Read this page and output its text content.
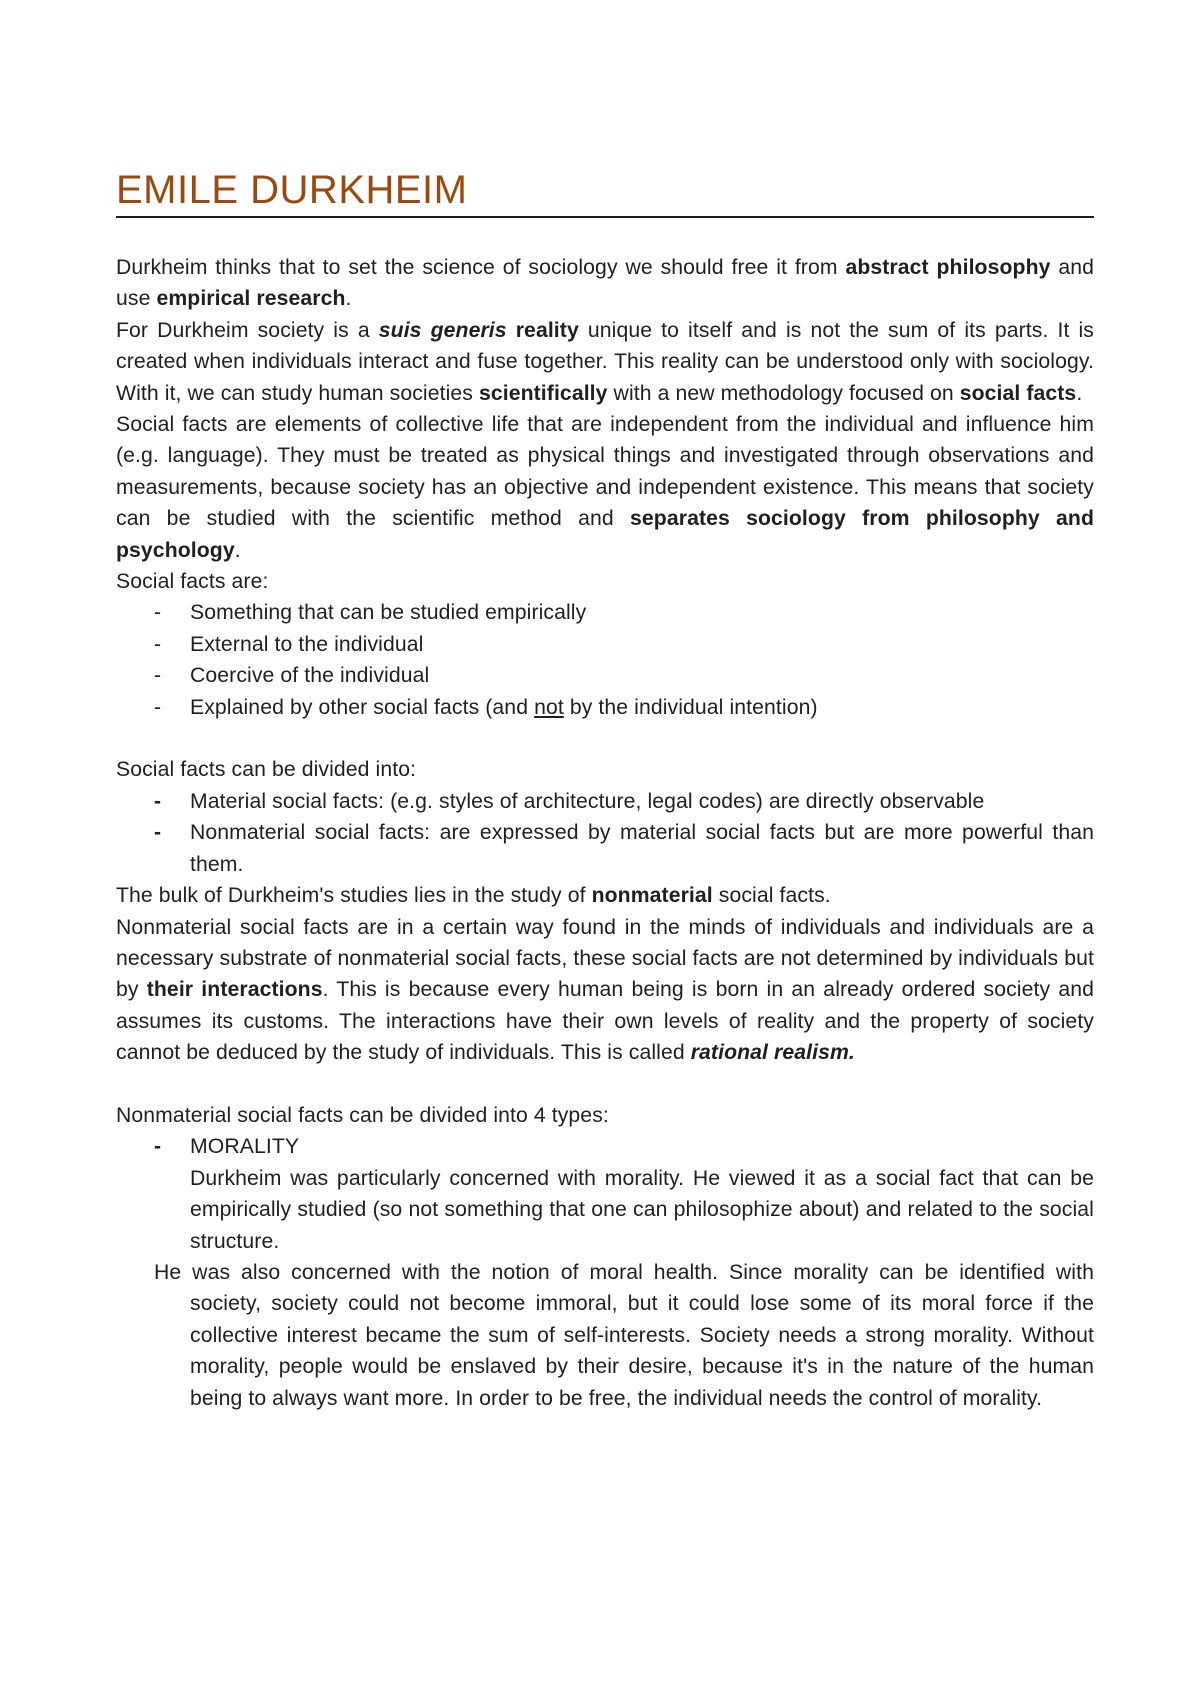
EMILE DURKHEIM

Durkheim thinks that to set the science of sociology we should free it from abstract philosophy and use empirical research.

For Durkheim society is a suis generis reality unique to itself and is not the sum of its parts. It is created when individuals interact and fuse together. This reality can be understood only with sociology. With it, we can study human societies scientifically with a new methodology focused on social facts.

Social facts are elements of collective life that are independent from the individual and influence him (e.g. language). They must be treated as physical things and investigated through observations and measurements, because society has an objective and independent existence. This means that society can be studied with the scientific method and separates sociology from philosophy and psychology.

Social facts are:

- Something that can be studied empirically
- External to the individual
- Coercive of the individual
- Explained by other social facts (and not by the individual intention)

Social facts can be divided into:

- Material social facts: (e.g. styles of architecture, legal codes) are directly observable
- Nonmaterial social facts: are expressed by material social facts but are more powerful than them.

The bulk of Durkheim's studies lies in the study of nonmaterial social facts.

Nonmaterial social facts are in a certain way found in the minds of individuals and individuals are a necessary substrate of nonmaterial social facts, these social facts are not determined by individuals but by their interactions. This is because every human being is born in an already ordered society and assumes its customs. The interactions have their own levels of reality and the property of society cannot be deduced by the study of individuals. This is called rational realism.

Nonmaterial social facts can be divided into 4 types:

- MORALITY

Durkheim was particularly concerned with morality. He viewed it as a social fact that can be empirically studied (so not something that one can philosophize about) and related to the social structure.

He was also concerned with the notion of moral health. Since morality can be identified with society, society could not become immoral, but it could lose some of its moral force if the collective interest became the sum of self-interests. Society needs a strong morality. Without morality, people would be enslaved by their desire, because it's in the nature of the human being to always want more. In order to be free, the individual needs the control of morality.
